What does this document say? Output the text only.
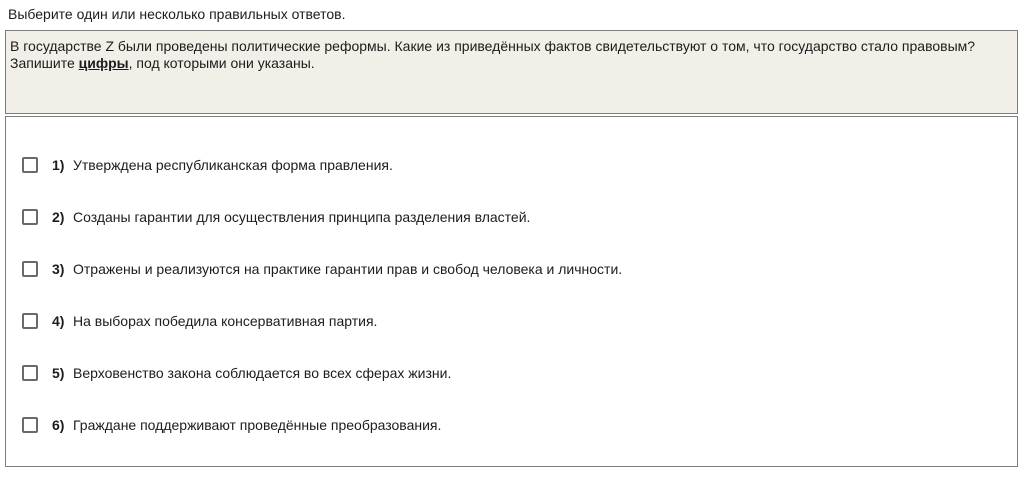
Выберите один или несколько правильных ответов.
В государстве Z были проведены политические реформы. Какие из приведённых фактов свидетельствуют о том, что государство стало правовым? Запишите цифры, под которыми они указаны.
1) Утверждена республиканская форма правления.
2) Созданы гарантии для осуществления принципа разделения властей.
3) Отражены и реализуются на практике гарантии прав и свобод человека и личности.
4) На выборах победила консервативная партия.
5) Верховенство закона соблюдается во всех сферах жизни.
6) Граждане поддерживают проведённые преобразования.
